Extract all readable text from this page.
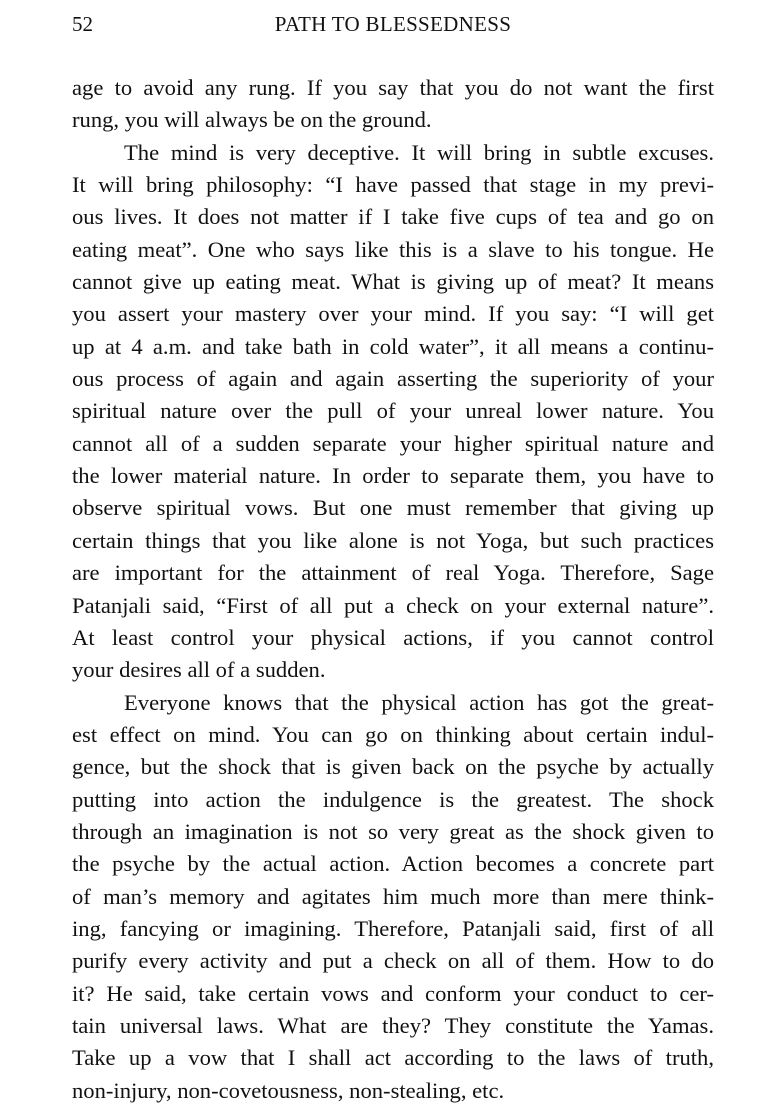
52	PATH TO BLESSEDNESS
age to avoid any rung. If you say that you do not want the first
rung, you will always be on the ground.
The mind is very deceptive. It will bring in subtle excuses.
It will bring philosophy: “I have passed that stage in my previ-
ous lives. It does not matter if I take five cups of tea and go on
eating meat”. One who says like this is a slave to his tongue. He
cannot give up eating meat. What is giving up of meat? It means
you assert your mastery over your mind. If you say: “I will get
up at 4 a.m. and take bath in cold water”, it all means a continu-
ous process of again and again asserting the superiority of your
spiritual nature over the pull of your unreal lower nature. You
cannot all of a sudden separate your higher spiritual nature and
the lower material nature. In order to separate them, you have to
observe spiritual vows. But one must remember that giving up
certain things that you like alone is not Yoga, but such practices
are important for the attainment of real Yoga. Therefore, Sage
Patanjali said, “First of all put a check on your external nature”.
At least control your physical actions, if you cannot control
your desires all of a sudden.
Everyone knows that the physical action has got the great-
est effect on mind. You can go on thinking about certain indul-
gence, but the shock that is given back on the psyche by actually
putting into action the indulgence is the greatest. The shock
through an imagination is not so very great as the shock given to
the psyche by the actual action. Action becomes a concrete part
of man’s memory and agitates him much more than mere think-
ing, fancying or imagining. Therefore, Patanjali said, first of all
purify every activity and put a check on all of them. How to do
it? He said, take certain vows and conform your conduct to cer-
tain universal laws. What are they? They constitute the Yamas.
Take up a vow that I shall act according to the laws of truth,
non-injury, non-covetousness, non-stealing, etc.
